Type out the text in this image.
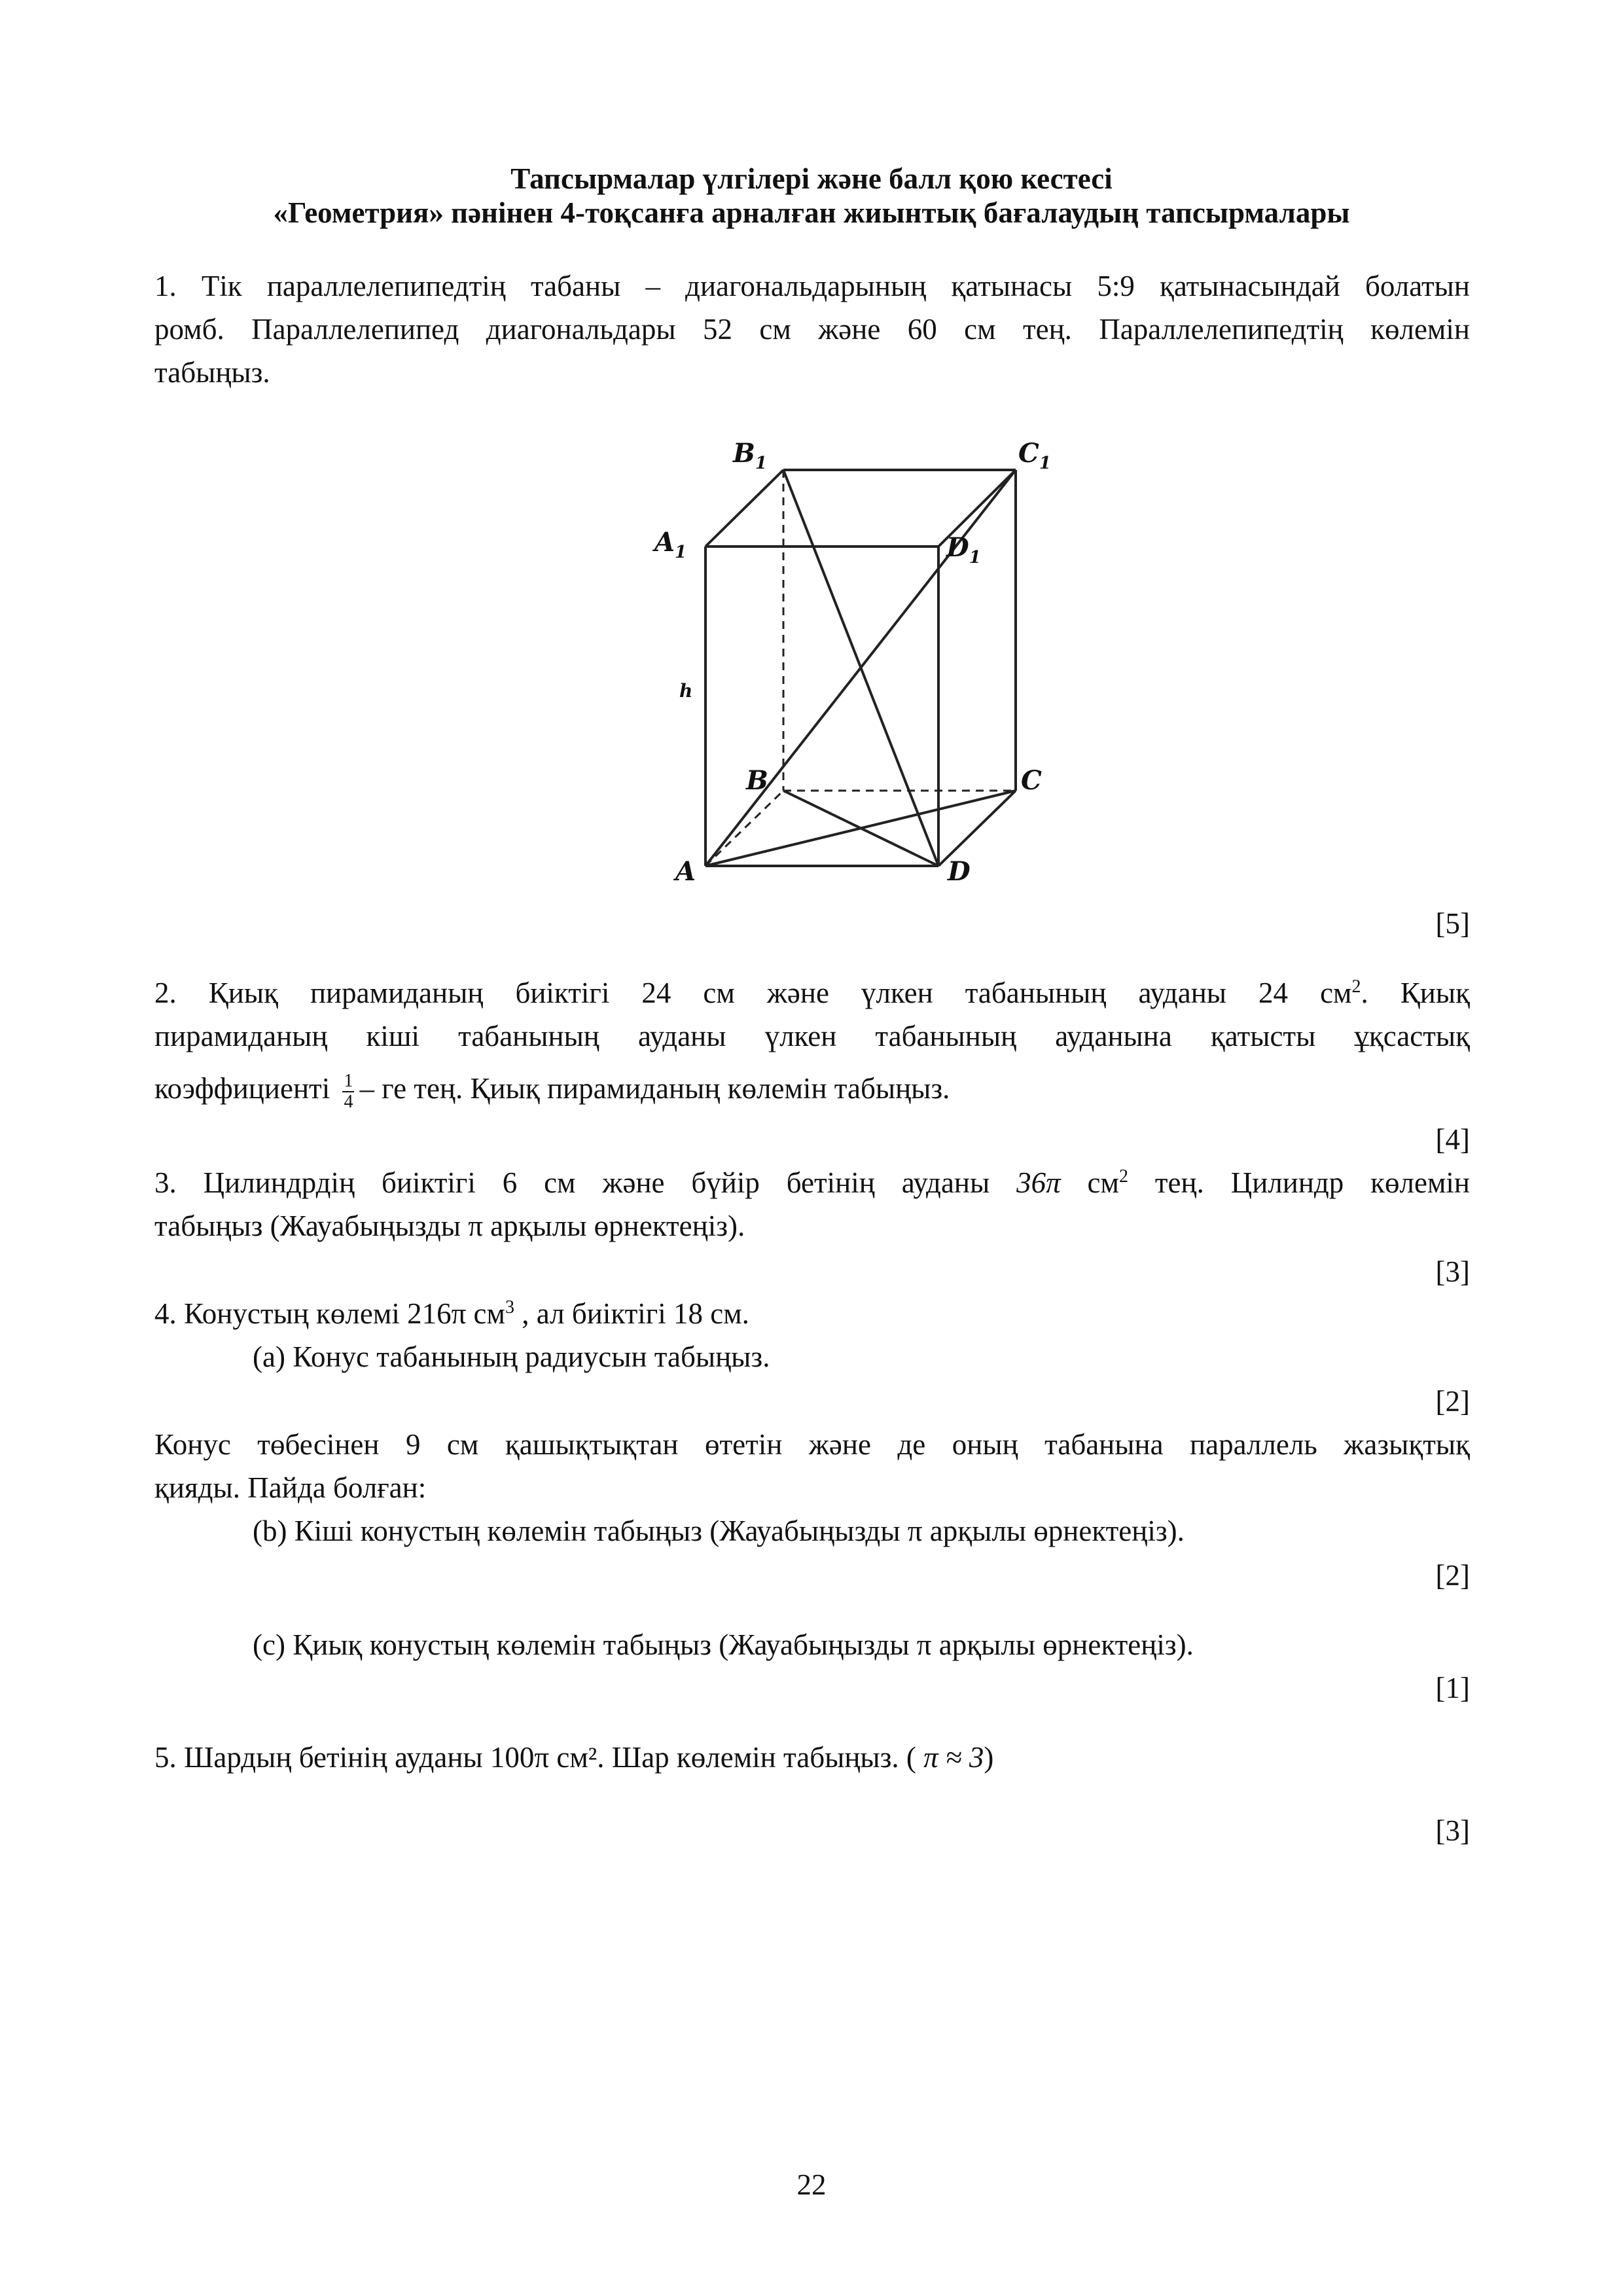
Тапсырмалар үлгілері және балл қою кестесі
«Геометрия» пәнінен 4-тоқсанға арналған жиынтық бағалаудың тапсырмалары
1. Тік параллелепипедтің табаны – диагональдарының қатынасы 5:9 қатынасындай болатын
ромб. Параллелепипед диагональдары 52 см және 60 см тең. Параллелепипедтің көлемін
табыңыз.
$B_1$	$C_1$
$A_1$	$D_1$
B	C
A	D
h
[5]
2. Қиық пирамиданың биіктігі 24 см және үлкен табанының ауданы 24 $см^2$. Қиық
пирамиданың кіші табанының ауданы үлкен табанының ауданына қатысты ұқсастық
коэффициенті $\frac{1}{4}$ – ге тең. Қиық пирамиданың көлемін табыңыз.
[4]
3. Цилиндрдің биіктігі 6 см және бүйір бетінің ауданы 36π $см^2$ тең. Цилиндр көлемін
табыңыз (Жауабыңызды π арқылы өрнектеңіз).
[3]
4. Конустың көлемі 216π $см^3$ , ал биіктігі 18 см.
(a) Конус табанының радиусын табыңыз.
[2]
Конус төбесінен 9 см қашықтықтан өтетін және де оның табанына параллель жазықтық
қияды. Пайда болған:
(b) Кіші конустың көлемін табыңыз (Жауабыңызды π арқылы өрнектеңіз).
[2]
(c) Қиық конустың көлемін табыңыз (Жауабыңызды π арқылы өрнектеңіз).
[1]
5. Шардың бетінің ауданы 100π см². Шар көлемін табыңыз. ( π ≈ 3)
[3]
22
